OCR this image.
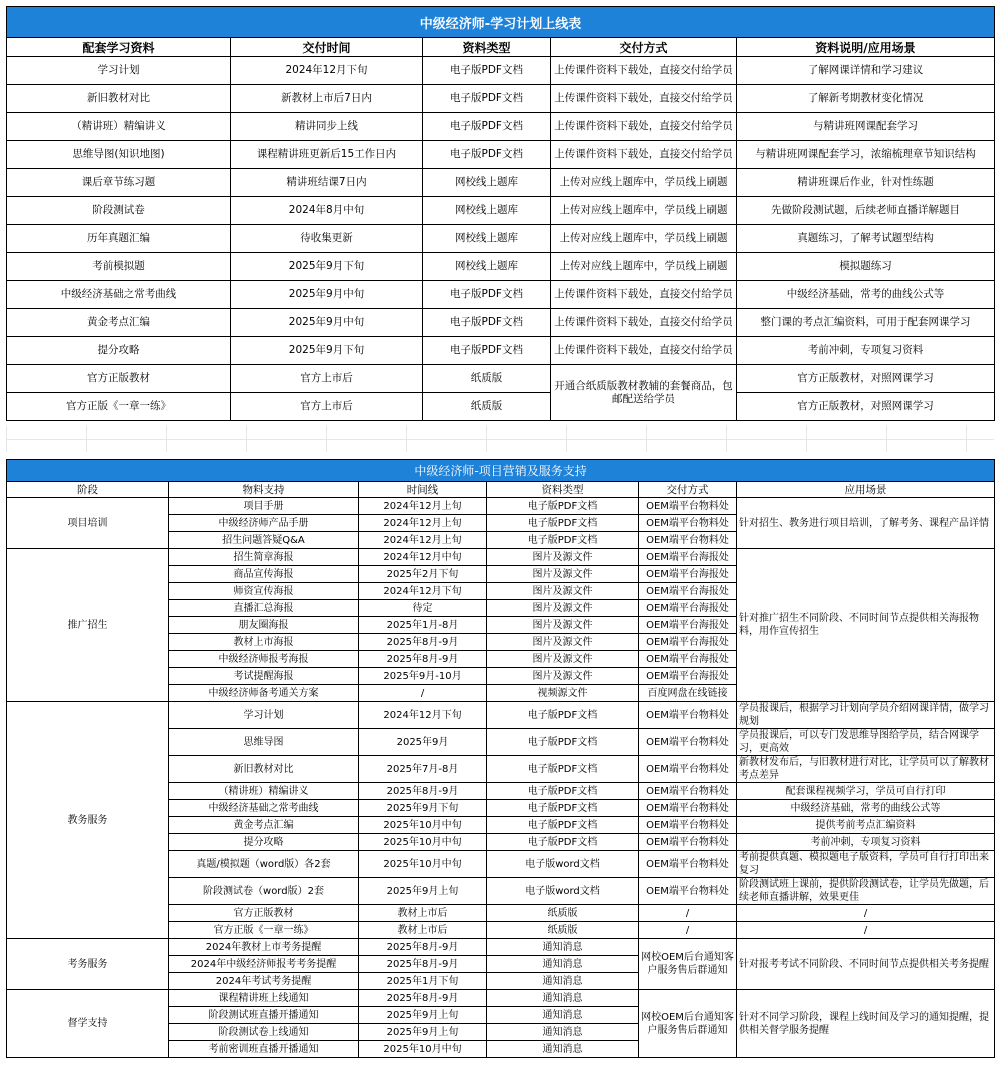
中级经济师-学习计划上线表				
配套学习资料	交付时间	资料类型	交付方式	资料说明/应用场景
学习计划	2024年12月下旬	电子版PDF文档	上传课件资料下载处，直接交付给学员	了解网课详情和学习建议
新旧教材对比	新教材上市后7日内	电子版PDF文档	上传课件资料下载处，直接交付给学员	了解新考期教材变化情况
（精讲班）精编讲义	精讲同步上线	电子版PDF文档	上传课件资料下载处，直接交付给学员	与精讲班网课配套学习
思维导图(知识地图)	课程精讲班更新后15工作日内	电子版PDF文档	上传课件资料下载处，直接交付给学员	与精讲班网课配套学习，浓缩梳理章节知识结构
课后章节练习题	精讲班结课7日内	网校线上题库	上传对应线上题库中，学员线上刷题	精讲班课后作业，针对性练题
阶段测试卷	2024年8月中旬	网校线上题库	上传对应线上题库中，学员线上刷题	先做阶段测试题，后续老师直播详解题目
历年真题汇编	待收集更新	网校线上题库	上传对应线上题库中，学员线上刷题	真题练习，了解考试题型结构
考前模拟题	2025年9月下旬	网校线上题库	上传对应线上题库中，学员线上刷题	模拟题练习
中级经济基础之常考曲线	2025年9月中旬	电子版PDF文档	上传课件资料下载处，直接交付给学员	中级经济基础，常考的曲线公式等
黄金考点汇编	2025年9月中旬	电子版PDF文档	上传课件资料下载处，直接交付给学员	整门课的考点汇编资料，可用于配套网课学习
提分攻略	2025年9月下旬	电子版PDF文档	上传课件资料下载处，直接交付给学员	考前冲刺，专项复习资料
官方正版教材	官方上市后	纸质版	开通合纸质版教材教辅的套餐商品，包邮配送给学员	官方正版教材，对照网课学习
官方正版《一章一练》	官方上市后	纸质版		官方正版教材，对照网课学习
中级经济师-项目营销及服务支持					
阶段	物料支持	时间线	资料类型	交付方式	应用场景
项目培训	项目手册	2024年12月上旬	电子版PDF文档	OEM端平台物料处	针对招生、教务进行项目培训，了解考务、课程产品详情
	中级经济师产品手册	2024年12月上旬	电子版PDF文档	OEM端平台物料处	
	招生问题答疑Q&A	2024年12月上旬	电子版PDF文档	OEM端平台物料处	
推广招生	招生简章海报	2024年12月中旬	图片及源文件	OEM端平台海报处	针对推广招生不同阶段、不同时间节点提供相关海报物料，用作宣传招生
	商品宣传海报	2025年2月下旬	图片及源文件	OEM端平台海报处	
	师资宣传海报	2024年12月下旬	图片及源文件	OEM端平台海报处	
	直播汇总海报	待定	图片及源文件	OEM端平台海报处	
	朋友圈海报	2025年1月-8月	图片及源文件	OEM端平台海报处	
	教材上市海报	2025年8月-9月	图片及源文件	OEM端平台海报处	
	中级经济师报考海报	2025年8月-9月	图片及源文件	OEM端平台海报处	
	考试提醒海报	2025年9月-10月	图片及源文件	OEM端平台海报处	
	中级经济师备考通关方案	/	视频源文件	百度网盘在线链接	
教务服务	学习计划	2024年12月下旬	电子版PDF文档	OEM端平台物料处	学员报课后，根据学习计划向学员介绍网课详情，做学习规划
	思维导图	2025年9月	电子版PDF文档	OEM端平台物料处	学员报课后，可以专门发思维导图给学员，结合网课学习，更高效
	新旧教材对比	2025年7月-8月	电子版PDF文档	OEM端平台物料处	新教材发布后，与旧教材进行对比，让学员可以了解教材考点差异
	（精讲班）精编讲义	2025年8月-9月	电子版PDF文档	OEM端平台物料处	配套课程视频学习，学员可自行打印
	中级经济基础之常考曲线	2025年9月下旬	电子版PDF文档	OEM端平台物料处	中级经济基础，常考的曲线公式等
	黄金考点汇编	2025年10月中旬	电子版PDF文档	OEM端平台物料处	提供考前考点汇编资料
	提分攻略	2025年10月中旬	电子版PDF文档	OEM端平台物料处	考前冲刺，专项复习资料
	真题/模拟题（word版）各2套	2025年10月中旬	电子版word文档	OEM端平台物料处	考前提供真题、模拟题电子版资料，学员可自行打印出来复习
	阶段测试卷（word版）2套	2025年9月上旬	电子版word文档	OEM端平台物料处	阶段测试班上课前，提供阶段测试卷，让学员先做题，后续老师直播讲解，效果更佳
	官方正版教材	教材上市后	纸质版	/	/
	官方正版《一章一练》	教材上市后	纸质版	/	/
考务服务	2024年教材上市考务提醒	2025年8月-9月	通知消息	网校OEM后台通知客户服务售后群通知	针对报考考试不同阶段、不同时间节点提供相关考务提醒
	2024年中级经济师报考考务提醒	2025年8月-9月	通知消息		
	2024年考试考务提醒	2025年1月下旬	通知消息		
督学支持	课程精讲班上线通知	2025年8月-9月	通知消息	网校OEM后台通知客户服务售后群通知	针对不同学习阶段，课程上线时间及学习的通知提醒，提供相关督学服务提醒
	阶段测试班直播开播通知	2025年9月上旬	通知消息		
	阶段测试卷上线通知	2025年9月上旬	通知消息		
	考前密训班直播开播通知	2025年10月中旬	通知消息		
